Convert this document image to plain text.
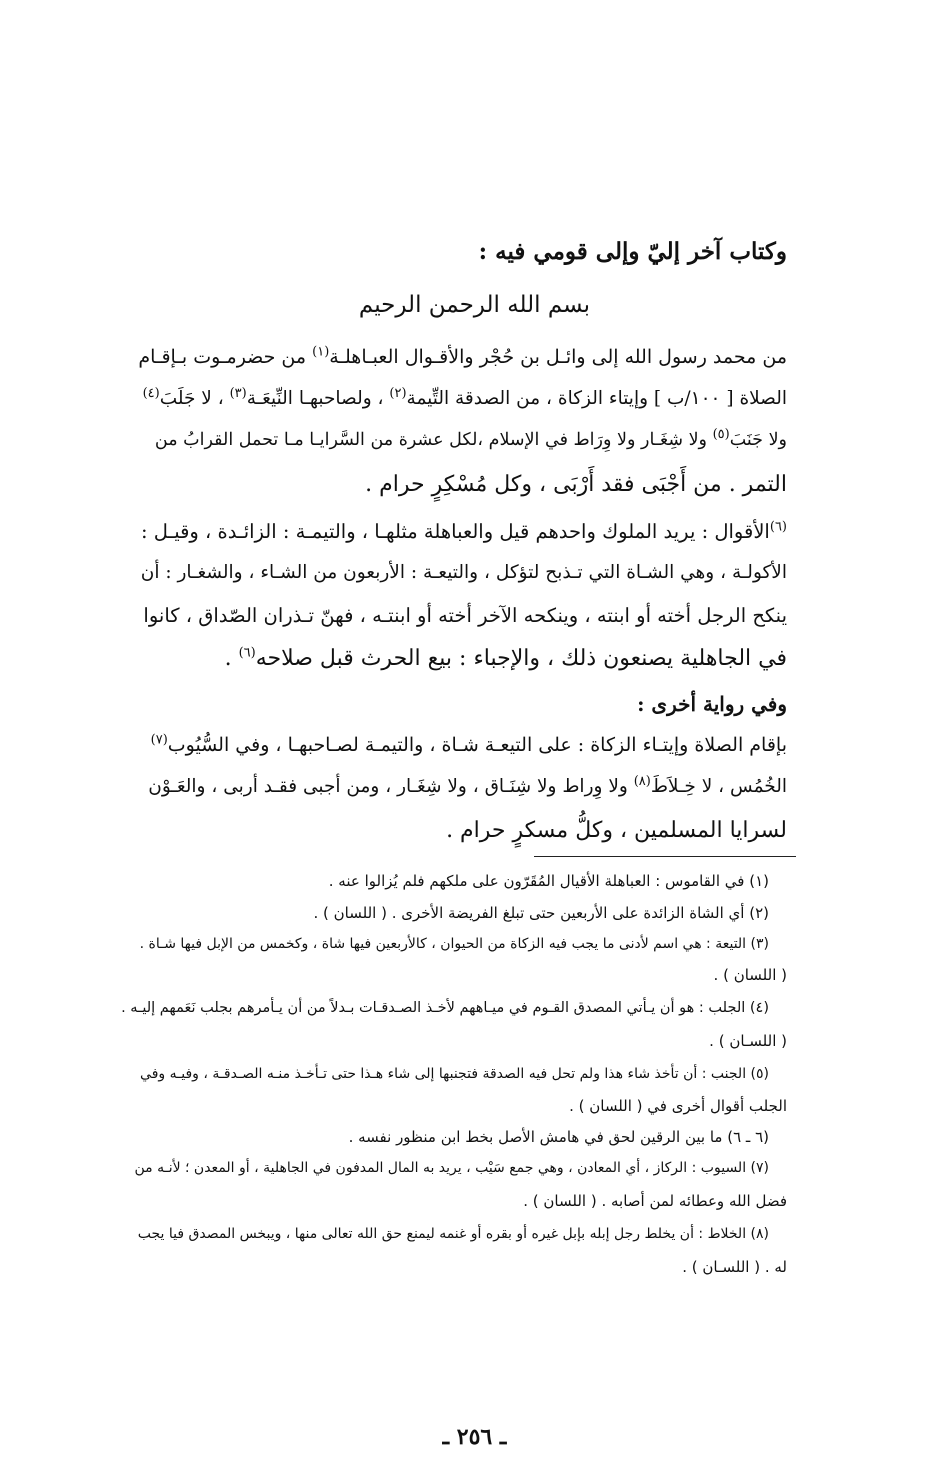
وكتاب آخر إليّ وإلى قومي فيه :
بسم الله الرحمن الرحيم
من محمد رسول الله إلى وائـل بن حُجْر والأقـوال العبـاهلـة$^{(١)}$ من حضرمـوت بـإقـام
الصلاة [ ١٠٠/ب ] وإيتاء الزكاة ، من الصدقة التِّيمة$^{(٢)}$ ، ولصاحبهـا النِّيعَـة$^{(٣)}$ ، لا جَلَبَ$^{(٤)}$
ولا جَنَبَ$^{(٥)}$ ولا شِغَـار ولا وِرَاط في الإسلام ،لكل عشرة من السَّرايـا مـا تحمل القرابُ من
التمر . من أَجْبَى فقد أَرْبَى ، وكل مُسْكِرٍ حرام .
$^{(٦)}$الأقوال : يريد الملوك واحدهم قيل والعباهلة مثلهـا ، والتيمـة : الزائـدة ، وقيـل :
الأكولـة ، وهي الشـاة التي تـذبح لتؤكل ، والتيعـة : الأربعون من الشـاء ، والشغـار : أن
ينكح الرجل أخته أو ابنته ، وينكحه الآخر أخته أو ابنتـه ، فهنّ تـذران الصّداق ، كانوا
في الجاهلية يصنعون ذلك ، والإجباء : بيع الحرث قبل صلاحه$^{(٦)}$ .
وفي رواية أخرى :
بإقام الصلاة وإيتـاء الزكاة : على التيعـة شـاة ، والتيمـة لصـاحبهـا ، وفي السُّيُوب$^{(٧)}$
الخُمُس ، لا خِـلاَطَ$^{(٨)}$ ولا وِراط ولا شِنَـاق ، ولا شِغَـار ، ومن أجبى فقـد أربى ، والعَـوْن
لسرايا المسلمين ، وكلُّ مسكرٍ حرام .
(١) في القاموس : العباهلة الأقيال المُقَرّون على ملكهم فلم يُزالوا عنه .
(٢) أي الشاة الزائدة على الأربعين حتى تبلغ الفريضة الأخرى . ( اللسان ) .
(٣) التيعة : هي اسم لأدنى ما يجب فيه الزكاة من الحيوان ، كالأربعين فيها شاة ، وكخمس من الإبل فيها شـاة .
( اللسان ) .
(٤) الجلب : هو أن يـأتي المصدق القـوم في ميـاههم لأخـذ الصـدقـات بـدلاً من أن يـأمرهم بجلب نَعَمهم إليـه .
( اللسـان ) .
(٥) الجنب : أن تأخذ شاء هذا ولم تحل فيه الصدقة فتجنبها إلى شاء هـذا حتى تـأخـذ منـه الصـدقـة ، وفيـه وفي
الجلب أقوال أخرى في ( اللسان ) .
(٦ ـ ٦) ما بين الرقين لحق في هامش الأصل بخط ابن منظور نفسه .
(٧) السيوب : الركاز ، أي المعادن ، وهي جمع سَيْب ، يريد به المال المدفون في الجاهلية ، أو المعدن ؛ لأنـه من
فضل الله وعطائه لمن أصابه . ( اللسان ) .
(٨) الخلاط : أن يخلط رجل إبله بإبل غيره أو بقره أو غنمه ليمنع حق الله تعالى منها ، ويبخس المصدق فيا يجب
له . ( اللسـان ) .
ـ ٢٥٦ ـ
